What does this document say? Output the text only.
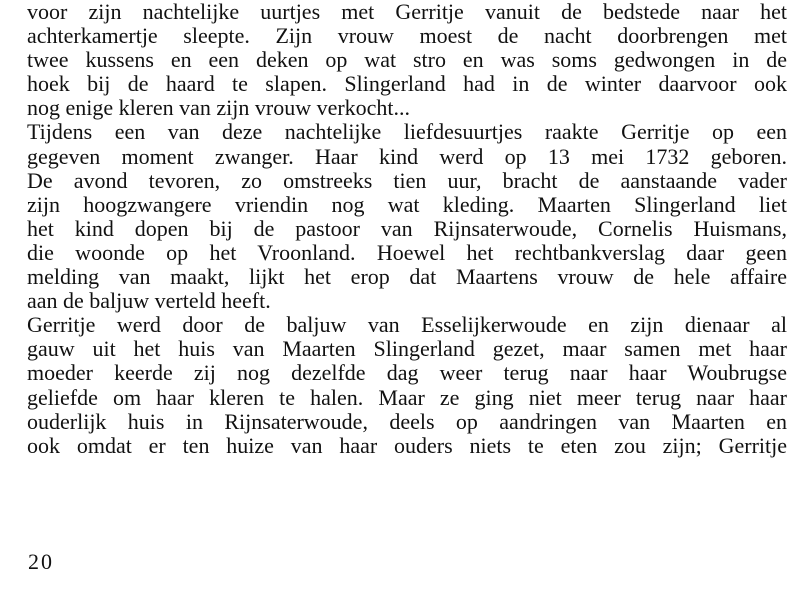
voor zijn nachtelijke uurtjes met Gerritje vanuit de bedstede naar het
achterkamertje sleepte. Zijn vrouw moest de nacht doorbrengen met
twee kussens en een deken op wat stro en was soms gedwongen in de
hoek bij de haard te slapen. Slingerland had in de winter daarvoor ook
nog enige kleren van zijn vrouw verkocht...
Tijdens een van deze nachtelijke liefdesuurtjes raakte Gerritje op een
gegeven moment zwanger. Haar kind werd op 13 mei 1732 geboren.
De avond tevoren, zo omstreeks tien uur, bracht de aanstaande vader
zijn hoogzwangere vriendin nog wat kleding. Maarten Slingerland liet
het kind dopen bij de pastoor van Rijnsaterwoude, Cornelis Huismans,
die woonde op het Vroonland. Hoewel het rechtbankverslag daar geen
melding van maakt, lijkt het erop dat Maartens vrouw de hele affaire
aan de baljuw verteld heeft.
Gerritje werd door de baljuw van Esselijkerwoude en zijn dienaar al
gauw uit het huis van Maarten Slingerland gezet, maar samen met haar
moeder keerde zij nog dezelfde dag weer terug naar haar Woubrugse
geliefde om haar kleren te halen. Maar ze ging niet meer terug naar haar
ouderlijk huis in Rijnsaterwoude, deels op aandringen van Maarten en
ook omdat er ten huize van haar ouders niets te eten zou zijn; Gerritje
20
